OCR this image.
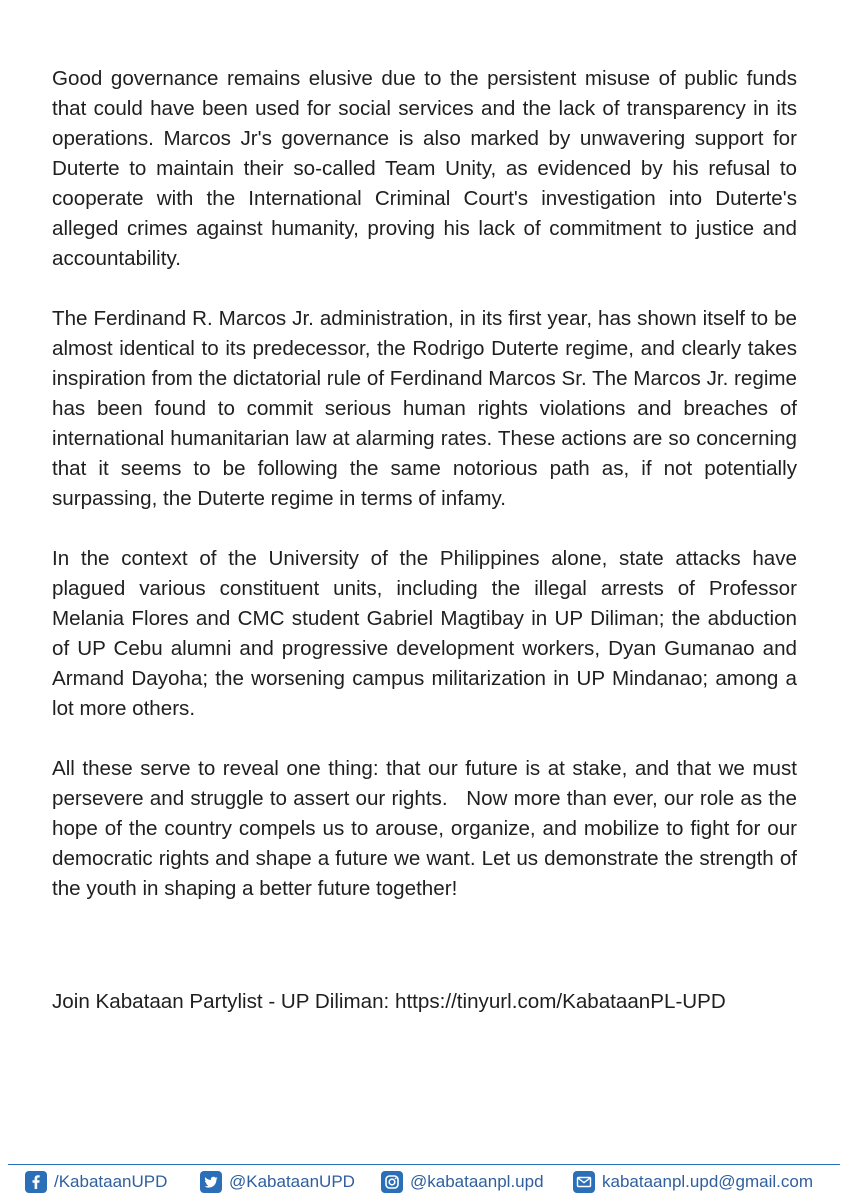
Good governance remains elusive due to the persistent misuse of public funds that could have been used for social services and the lack of transparency in its operations. Marcos Jr's governance is also marked by unwavering support for Duterte to maintain their so-called Team Unity, as evidenced by his refusal to cooperate with the International Criminal Court's investigation into Duterte's alleged crimes against humanity, proving his lack of commitment to justice and accountability.

The Ferdinand R. Marcos Jr. administration, in its first year, has shown itself to be almost identical to its predecessor, the Rodrigo Duterte regime, and clearly takes inspiration from the dictatorial rule of Ferdinand Marcos Sr. The Marcos Jr. regime has been found to commit serious human rights violations and breaches of international humanitarian law at alarming rates. These actions are so concerning that it seems to be following the same notorious path as, if not potentially surpassing, the Duterte regime in terms of infamy.

In the context of the University of the Philippines alone, state attacks have plagued various constituent units, including the illegal arrests of Professor Melania Flores and CMC student Gabriel Magtibay in UP Diliman; the abduction of UP Cebu alumni and progressive development workers, Dyan Gumanao and Armand Dayoha; the worsening campus militarization in UP Mindanao; among a lot more others.

All these serve to reveal one thing: that our future is at stake, and that we must persevere and struggle to assert our rights.   Now more than ever, our role as the hope of the country compels us to arouse, organize, and mobilize to fight for our democratic rights and shape a future we want. Let us demonstrate the strength of the youth in shaping a better future together!

Join Kabataan Partylist - UP Diliman: https://tinyurl.com/KabataanPL-UPD

/KabataanUPD	@KabataanUPD	@kabataanpl.upd	kabataanpl.upd@gmail.com
